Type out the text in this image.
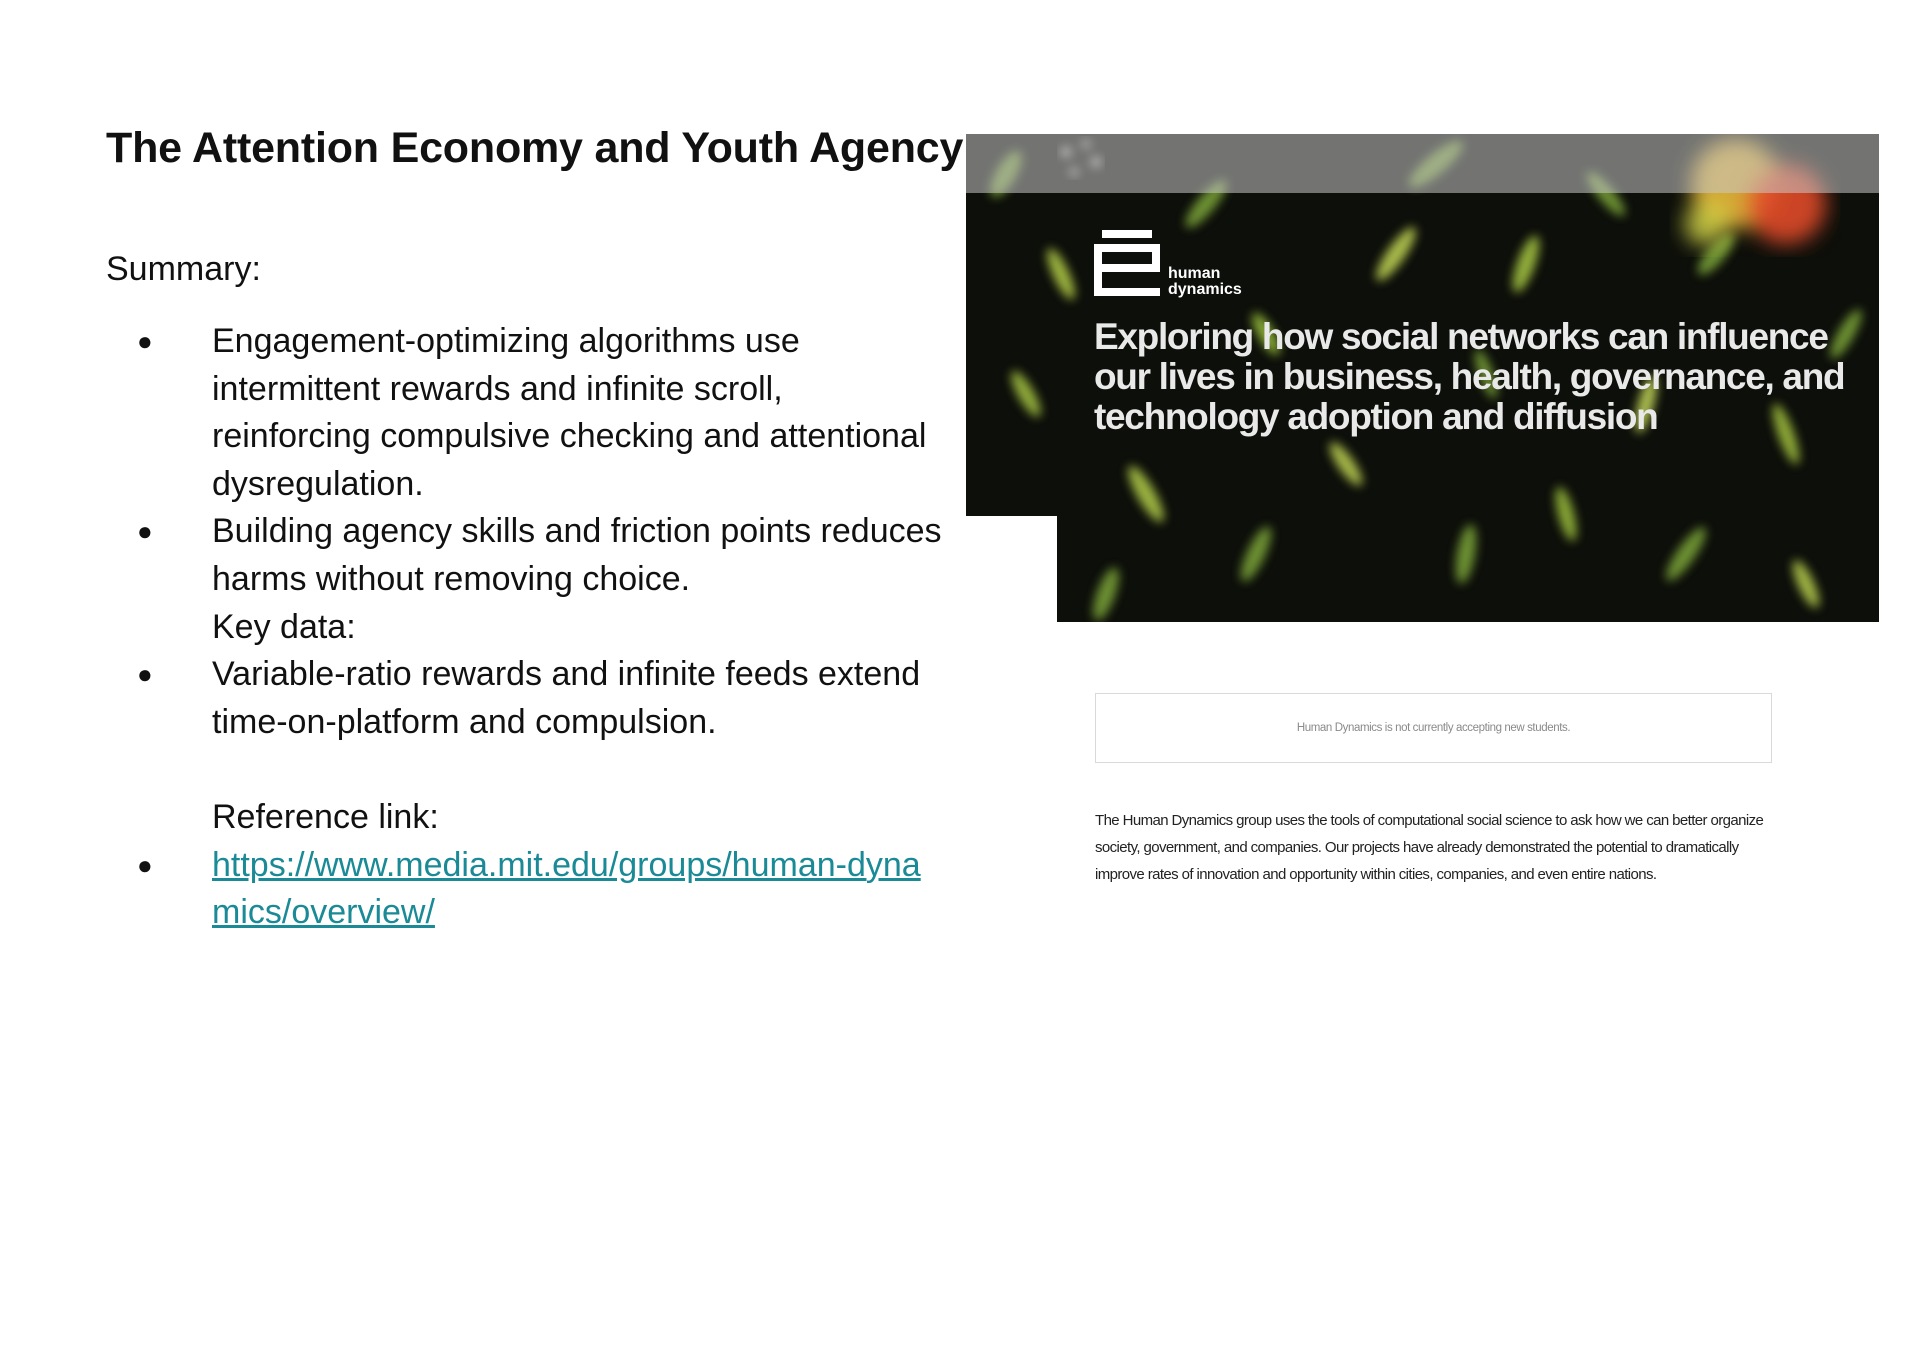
The Attention Economy and Youth Agency

Summary:

● Engagement-optimizing algorithms use intermittent rewards and infinite scroll, reinforcing compulsive checking and attentional dysregulation.
● Building agency skills and friction points reduces harms without removing choice.
Key data:
● Variable-ratio rewards and infinite feeds extend time-on-platform and compulsion.
Reference link:
● https://www.media.mit.edu/groups/human-dynamics/overview/
human
dynamics

Exploring how social networks can influence our lives in business, health, governance, and technology adoption and diffusion

Human Dynamics is not currently accepting new students.

The Human Dynamics group uses the tools of computational social science to ask how we can better organize society, government, and companies. Our projects have already demonstrated the potential to dramatically improve rates of innovation and opportunity within cities, companies, and even entire nations.
